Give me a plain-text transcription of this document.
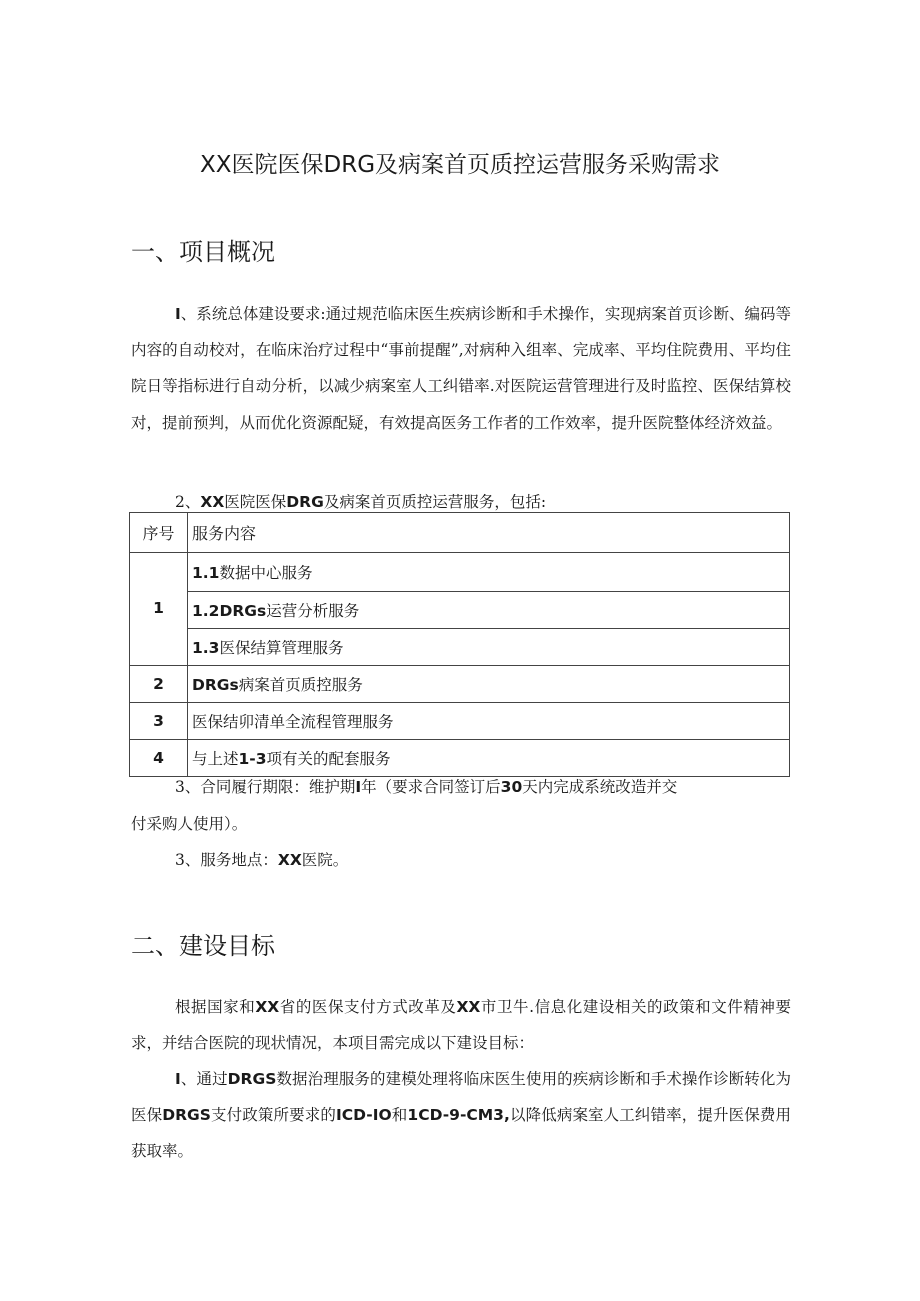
XX医院医保DRG及病案首页质控运营服务采购需求
一、项目概况
I、系统总体建设要求:通过规范临床医生疾病诊断和手术操作，实现病案首页诊断、编码等内容的自动校对，在临床治疗过程中“事前提醒”,对病种入组率、完成率、平均住院费用、平均住院日等指标进行自动分析，以减少病案室人工纠错率.对医院运营管理进行及时监控、医保结算校对，提前预判，从而优化资源配疑，有效提高医务工作者的工作效率，提升医院整体经济效益。
2、XX医院医保DRG及病案首页质控运营服务，包括:
序号	服务内容
1	1.1数据中心服务
	1.2DRGs运营分析服务
	1.3医保结算管理服务
2	DRGs病案首页质控服务
3	医保结卯清单全流程管理服务
4	与上述1-3项有关的配套服务
3、合同履行期限：维护期I年（要求合同签订后30天内完成系统改造并交
付采购人使用）。
3、服务地点：XX医院。
二、建设目标
根据国家和XX省的医保支付方式改革及XX市卫牛.信息化建设相关的政策和文件精神要求，并结合医院的现状情况，本项目需完成以下建设目标：
I、通过DRGS数据治理服务的建模处理将临床医生使用的疾病诊断和手术操作诊断转化为医保DRGS支付政策所要求的ICD-IO和1CD-9-CM3,以降低病案室人工纠错率，提升医保费用获取率。
